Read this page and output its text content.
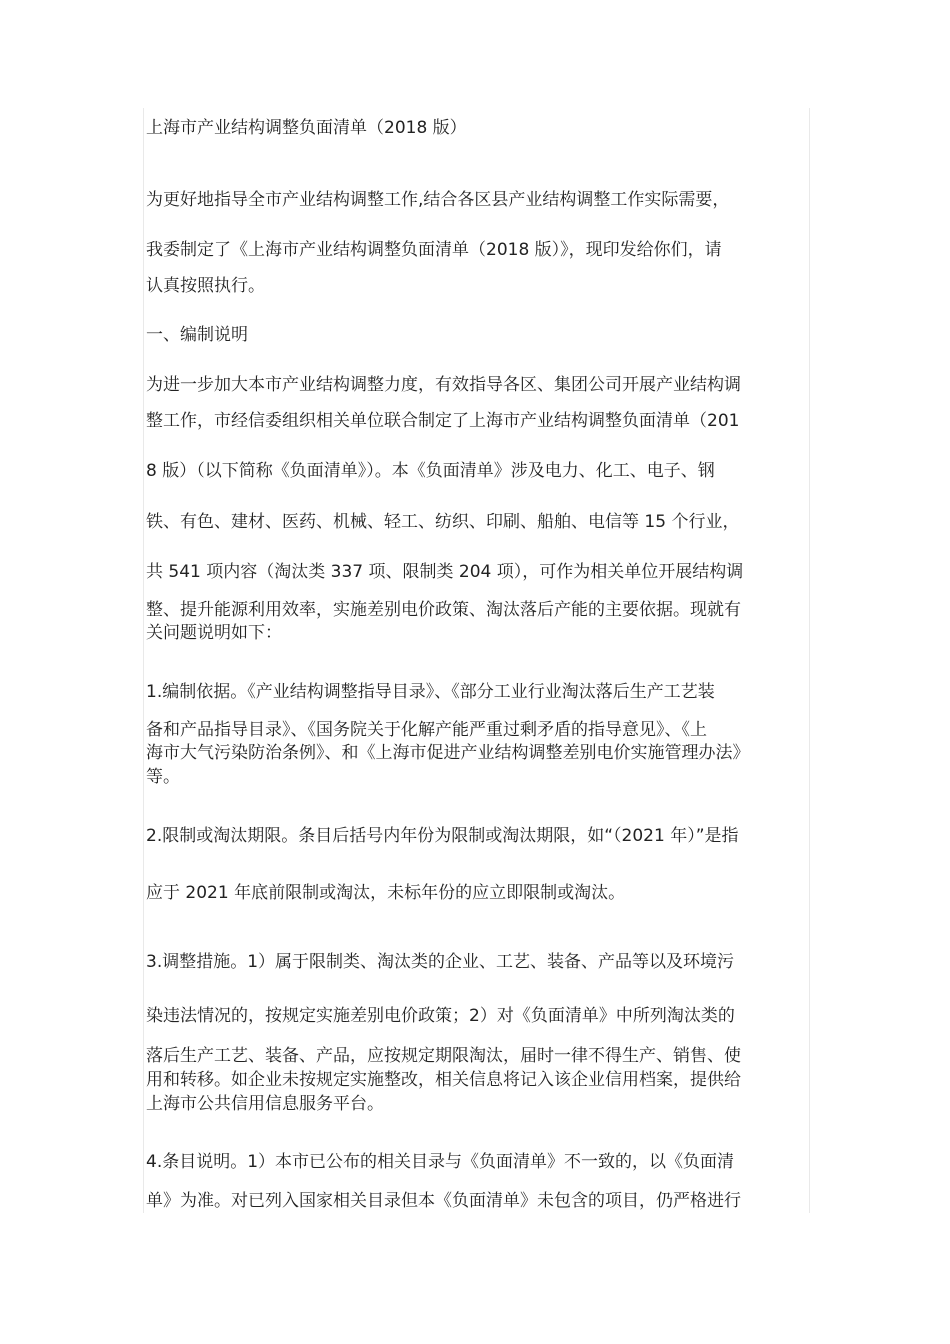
上海市产业结构调整负面清单（2018 版）
为更好地指导全市产业结构调整工作,结合各区县产业结构调整工作实际需要，
我委制定了《上海市产业结构调整负面清单（2018 版）》，现印发给你们，请
认真按照执行。
一、编制说明
为进一步加大本市产业结构调整力度，有效指导各区、集团公司开展产业结构调
整工作，市经信委组织相关单位联合制定了上海市产业结构调整负面清单（201
8 版）（以下简称《负面清单》）。本《负面清单》涉及电力、化工、电子、钢
铁、有色、建材、医药、机械、轻工、纺织、印刷、船舶、电信等 15 个行业，
共 541 项内容（淘汰类 337 项、限制类 204 项），可作为相关单位开展结构调
整、提升能源利用效率，实施差别电价政策、淘汰落后产能的主要依据。现就有
关问题说明如下：
1.编制依据。《产业结构调整指导目录》、《部分工业行业淘汰落后生产工艺装
备和产品指导目录》、《国务院关于化解产能严重过剩矛盾的指导意见》、《上
海市大气污染防治条例》、和《上海市促进产业结构调整差别电价实施管理办法》
等。
2.限制或淘汰期限。条目后括号内年份为限制或淘汰期限，如“（2021 年）”是指
应于 2021 年底前限制或淘汰，未标年份的应立即限制或淘汰。
3.调整措施。1）属于限制类、淘汰类的企业、工艺、装备、产品等以及环境污
染违法情况的，按规定实施差别电价政策；2）对《负面清单》中所列淘汰类的
落后生产工艺、装备、产品，应按规定期限淘汰，届时一律不得生产、销售、使
用和转移。如企业未按规定实施整改，相关信息将记入该企业信用档案，提供给
上海市公共信用信息服务平台。
4.条目说明。1）本市已公布的相关目录与《负面清单》不一致的，以《负面清
单》为准。对已列入国家相关目录但本《负面清单》未包含的项目，仍严格进行
